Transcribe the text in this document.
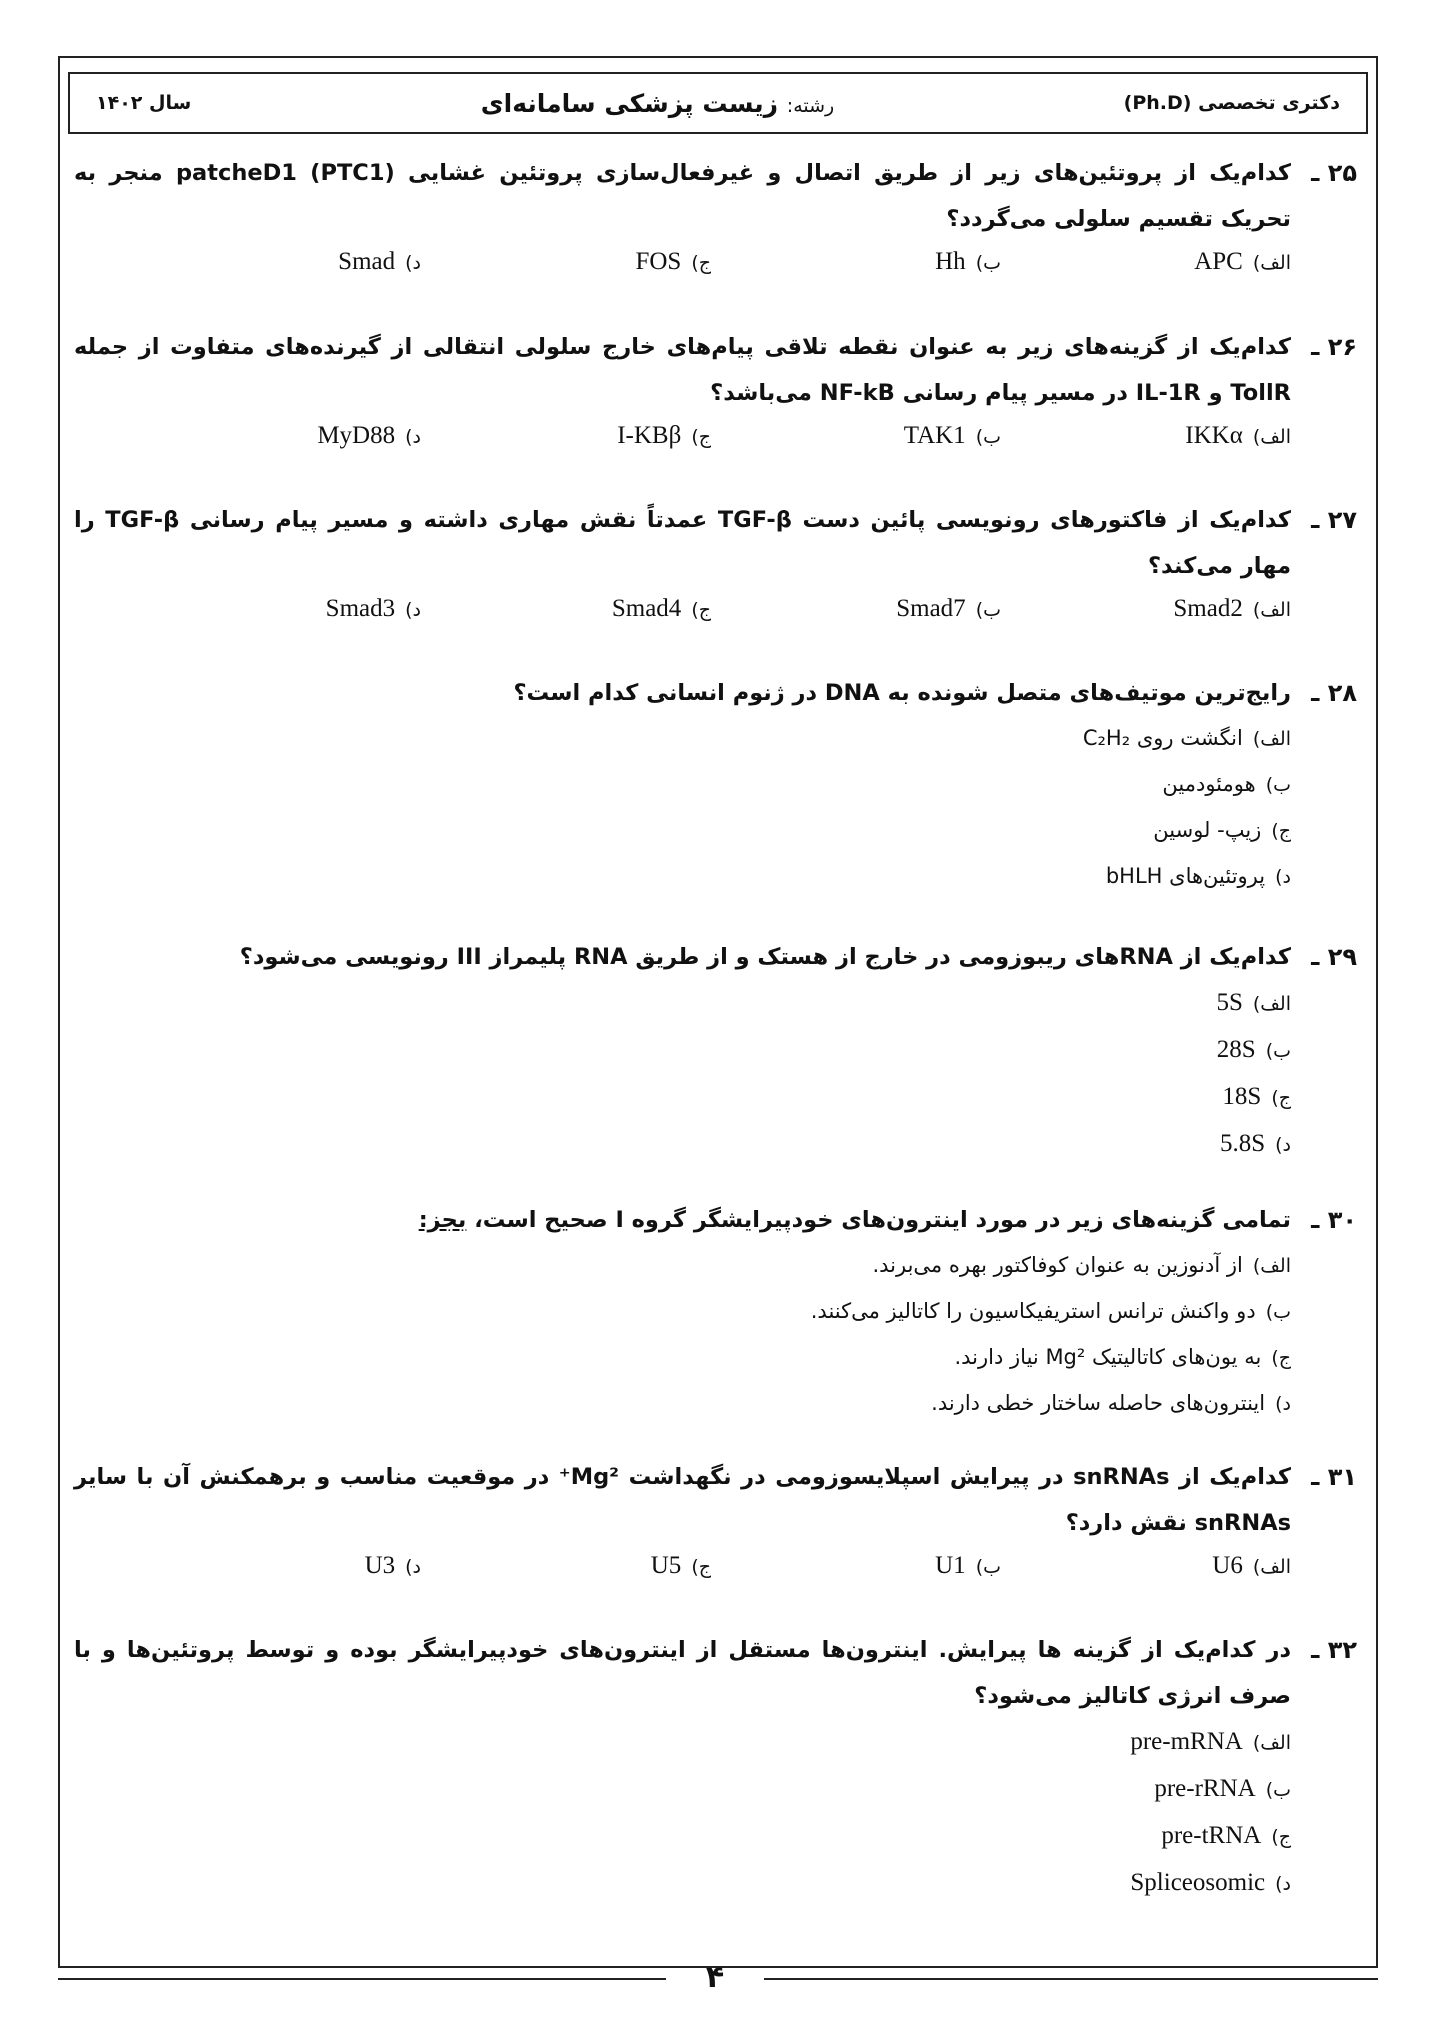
دکتری تخصصی (Ph.D)
رشته: زیست پزشکی سامانه‌ای
سال ۱۴۰۲
۲۵ ـ
کدام‌یک از پروتئین‌های زیر از طریق اتصال و غیرفعال‌سازی پروتئین غشایی patcheD1 (PTC1) منجر به تحریک تقسیم سلولی می‌گردد؟
الف)APC
ب)Hh
ج)FOS
د)Smad
۲۶ ـ
کدام‌یک از گزینه‌های زیر به عنوان نقطه تلاقی پیام‌های خارج سلولی انتقالی از گیرنده‌های متفاوت از جمله TollR و IL-1R در مسیر پیام رسانی NF-kB می‌باشد؟
الف)IKKα
ب)TAK1
ج)I-KBβ
د)MyD88
۲۷ ـ
کدام‌یک از فاکتورهای رونویسی پائین دست TGF-β عمدتاً نقش مهاری داشته و مسیر پیام رسانی TGF-β را مهار می‌کند؟
الف)Smad2
ب)Smad7
ج)Smad4
د)Smad3
۲۸ ـ
رایج‌ترین موتیف‌های متصل شونده به DNA در ژنوم انسانی کدام است؟
الف)انگشت روی C₂H₂
ب)هومئودمین
ج)زیپ- لوسین
د)پروتئین‌های bHLH
۲۹ ـ
کدام‌یک از RNAهای ریبوزومی در خارج از هستک و از طریق RNA پلیمراز III رونویسی می‌شود؟
الف)5S
ب)28S
ج)18S
د)5.8S
۳۰ ـ
تمامی گزینه‌های زیر در مورد اینترون‌های خودپیرایشگر گروه I صحیح است، بجز:
الف)از آدنوزین به عنوان کوفاکتور بهره می‌برند.
ب)دو واکنش ترانس استریفیکاسیون را کاتالیز می‌کنند.
ج)به یون‌های کاتالیتیک Mg² نیاز دارند.
د)اینترون‌های حاصله ساختار خطی دارند.
۳۱ ـ
کدام‌یک از snRNAs در پیرایش اسپلایسوزومی در نگهداشت Mg²⁺ در موقعیت مناسب و برهمکنش آن با سایر snRNAs نقش دارد؟
الف)U6
ب)U1
ج)U5
د)U3
۳۲ ـ
در کدام‌یک از گزینه ها پیرایش. اینترون‌ها مستقل از اینترون‌های خودپیرایشگر بوده و توسط پروتئین‌ها و با صرف انرژی کاتالیز می‌شود؟
الف)pre-mRNA
ب)pre-rRNA
ج)pre-tRNA
د)Spliceosomic
۴
